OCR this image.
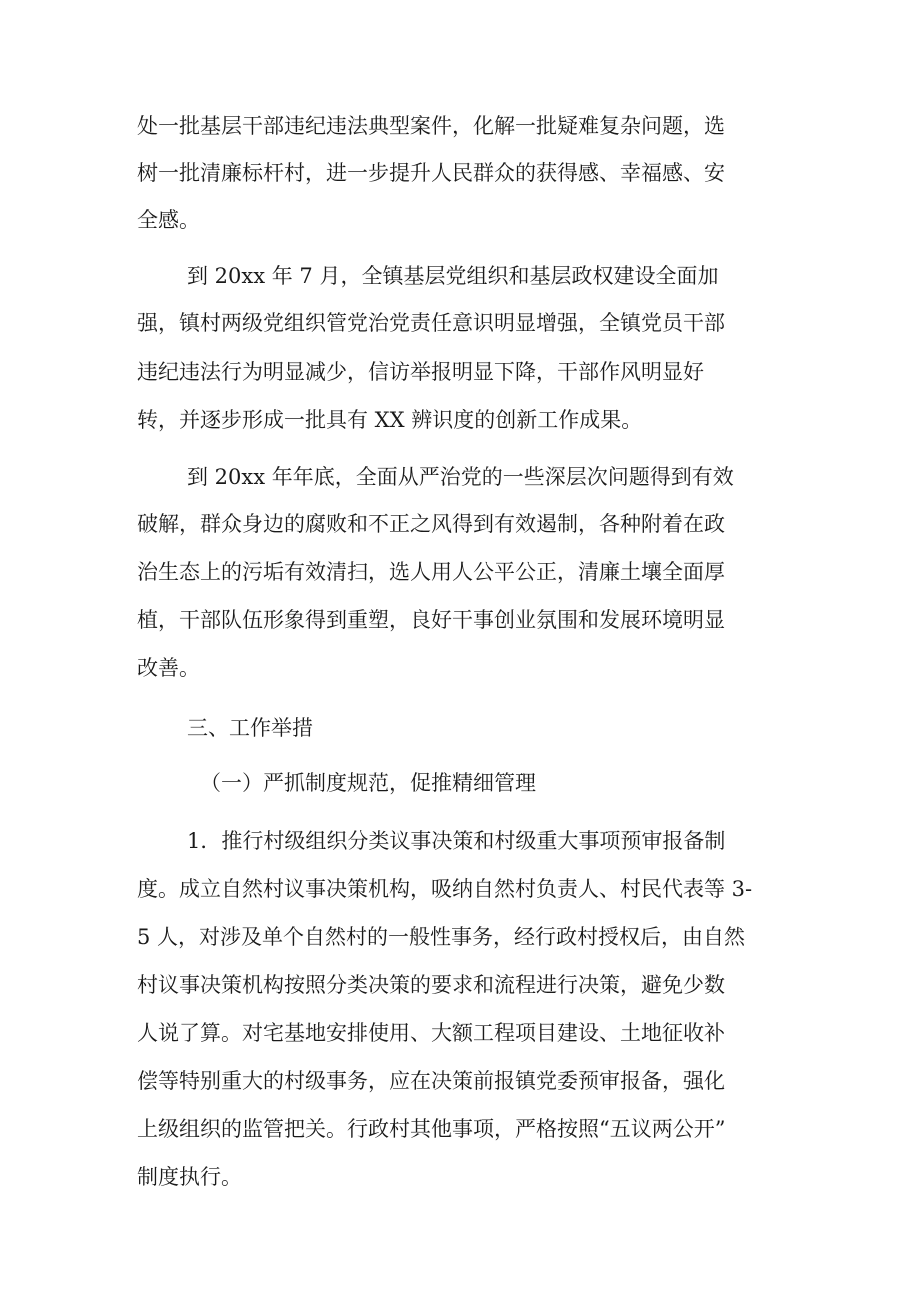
处一批基层干部违纪违法典型案件，化解一批疑难复杂问题，选
树一批清廉标杆村，进一步提升人民群众的获得感、幸福感、安
全感。
到 20xx 年 7 月，全镇基层党组织和基层政权建设全面加
强，镇村两级党组织管党治党责任意识明显增强，全镇党员干部
违纪违法行为明显减少，信访举报明显下降，干部作风明显好
转，并逐步形成一批具有 XX 辨识度的创新工作成果。
到 20xx 年年底，全面从严治党的一些深层次问题得到有效
破解，群众身边的腐败和不正之风得到有效遏制，各种附着在政
治生态上的污垢有效清扫，选人用人公平公正，清廉土壤全面厚
植，干部队伍形象得到重塑，良好干事创业氛围和发展环境明显
改善。
三、工作举措
（一）严抓制度规范，促推精细管理
1．推行村级组织分类议事决策和村级重大事项预审报备制
度。成立自然村议事决策机构，吸纳自然村负责人、村民代表等 3-
5 人，对涉及单个自然村的一般性事务，经行政村授权后，由自然
村议事决策机构按照分类决策的要求和流程进行决策，避免少数
人说了算。对宅基地安排使用、大额工程项目建设、土地征收补
偿等特别重大的村级事务，应在决策前报镇党委预审报备，强化
上级组织的监管把关。行政村其他事项，严格按照“五议两公开”
制度执行。
